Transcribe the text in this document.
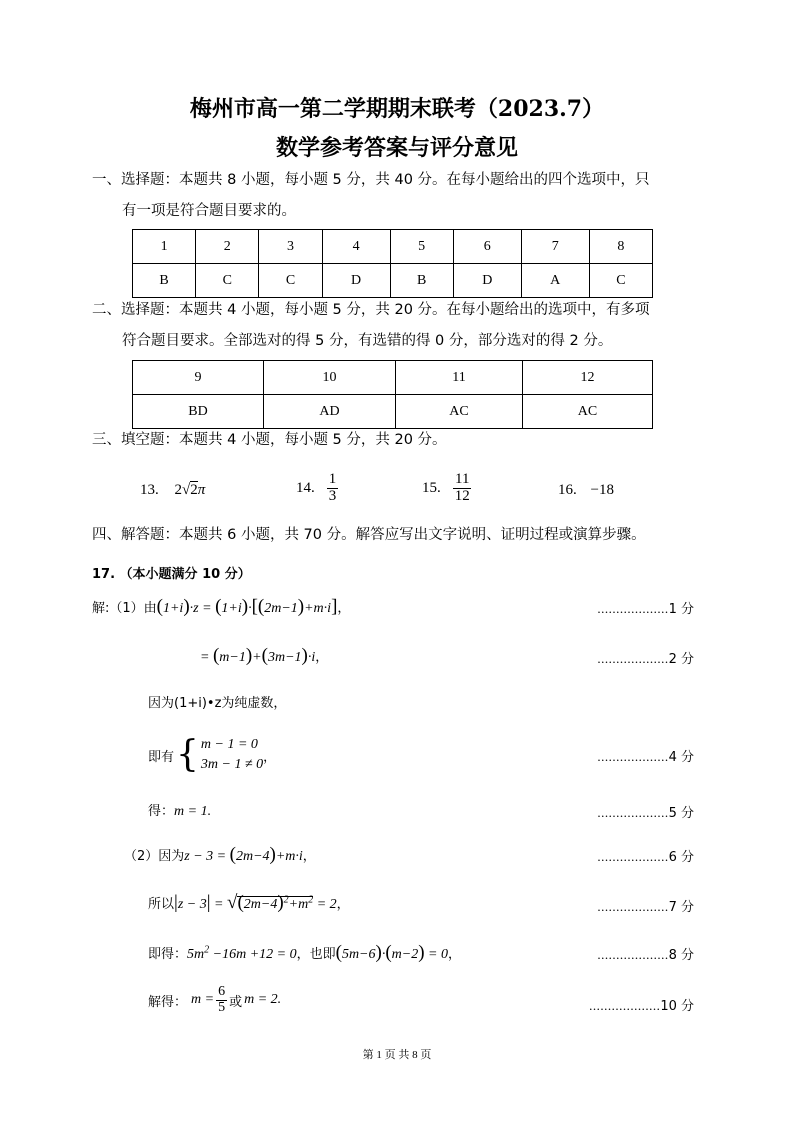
梅州市高一第二学期期末联考（2023.7）
数学参考答案与评分意见
一、选择题：本题共 8 小题，每小题 5 分，共 40 分。在每小题给出的四个选项中，只
有一项是符合题目要求的。
1	2	3	4	5	6	7	8
B	C	C	D	B	D	A	C
二、选择题：本题共 4 小题，每小题 5 分，共 20 分。在每小题给出的选项中，有多项
符合题目要求。全部选对的得 5 分，有选错的得 0 分，部分选对的得 2 分。
9	10	11	12
BD	AD	AC	AC
三、填空题：本题共 4 小题，每小题 5 分，共 20 分。
13. 2√2π	14. $\frac{1}{3}$	15. $\frac{11}{12}$	16. −18
四、解答题：本题共 6 小题，共 70 分。解答应写出文字说明、证明过程或演算步骤。
17. （本小题满分 10 分）
解:（1）由(1+i)·z = (1+i)·[(2m−1)+m·i]，
= (m−1)+(3m−1)·i，
因为(1+i)•z为纯虚数，
即有 { m − 1 = 0
3m − 1 ≠ 0 ，
得：m = 1.
（2）因为z − 3 = (2m−4)+m·i，
所以$|z - 3| = √(2m-4)^2+m^2 = 2$，
即得：$5m^2 -16m +12 = 0$，也即(5m−6)·(m−2) = 0，
解得： $m = \frac{6}{5}$ 或 m = 2.
...................1 分
...................2 分
...................4 分
...................5 分
...................6 分
...................7 分
...................8 分
...................10 分
第 1 页 共 8 页
